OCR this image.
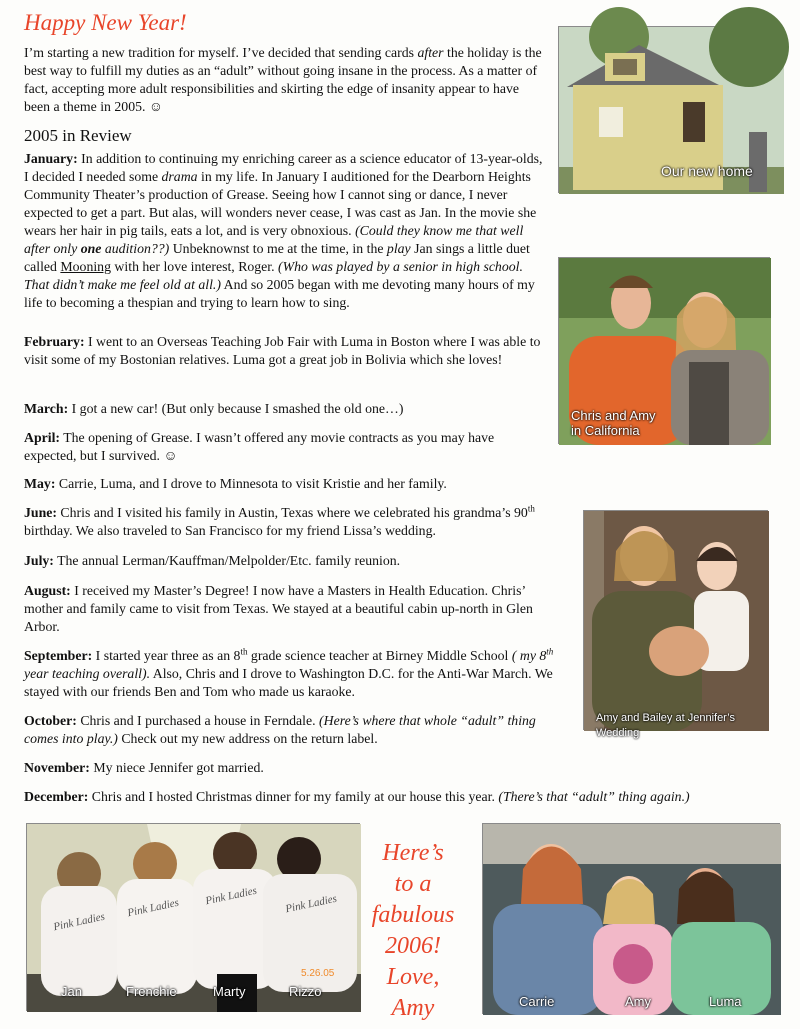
Happy New Year!

I’m starting a new tradition for myself. I’ve decided that sending cards after the holiday is the best way to fulfill my duties as an “adult” without going insane in the process. As a matter of fact, accepting more adult responsibilities and skirting the edge of insanity appear to have been a theme in 2005. ☺

2005 in Review

January: In addition to continuing my enriching career as a science educator of 13-year-olds, I decided I needed some drama in my life. In January I auditioned for the Dearborn Heights Community Theater’s production of Grease. Seeing how I cannot sing or dance, I never expected to get a part. But alas, will wonders never cease, I was cast as Jan. In the movie she wears her hair in pig tails, eats a lot, and is very obnoxious. (Could they know me that well after only one audition??) Unbeknownst to me at the time, in the play Jan sings a little duet called Mooning with her love interest, Roger. (Who was played by a senior in high school. That didn’t make me feel old at all.) And so 2005 began with me devoting many hours of my life to becoming a thespian and trying to learn how to sing.

February: I went to an Overseas Teaching Job Fair with Luma in Boston where I was able to visit some of my Bostonian relatives. Luma got a great job in Bolivia which she loves!

March: I got a new car! (But only because I smashed the old one…)

April: The opening of Grease. I wasn’t offered any movie contracts as you may have expected, but I survived. ☺

May: Carrie, Luma, and I drove to Minnesota to visit Kristie and her family.

June: Chris and I visited his family in Austin, Texas where we celebrated his grandma’s 90th birthday. We also traveled to San Francisco for my friend Lissa’s wedding.

July: The annual Lerman/Kauffman/Melpolder/Etc. family reunion.

August: I received my Master’s Degree! I now have a Masters in Health Education. Chris’ mother and family came to visit from Texas. We stayed at a beautiful cabin up-north in Glen Arbor.

September: I started year three as an 8th grade science teacher at Birney Middle School ( my 8th year teaching overall). Also, Chris and I drove to Washington D.C. for the Anti-War March. We stayed with our friends Ben and Tom who made us karaoke.

October: Chris and I purchased a house in Ferndale. (Here’s where that whole “adult” thing comes into play.) Check out my new address on the return label.

November: My niece Jennifer got married.

December: Chris and I hosted Christmas dinner for my family at our house this year. (There’s that “adult” thing again.)

Our new home
Chris and Amy
in California
Amy and Bailey at Jennifer’s Wedding
Pink Ladies
Pink Ladies
Pink Ladies Pink Ladies
Jan	Frenchie	Marty	Rizzo
5.26.05
Here’s
to a
fabulous
2006!
Love,
Amy	Carrie	Amy	Luma
